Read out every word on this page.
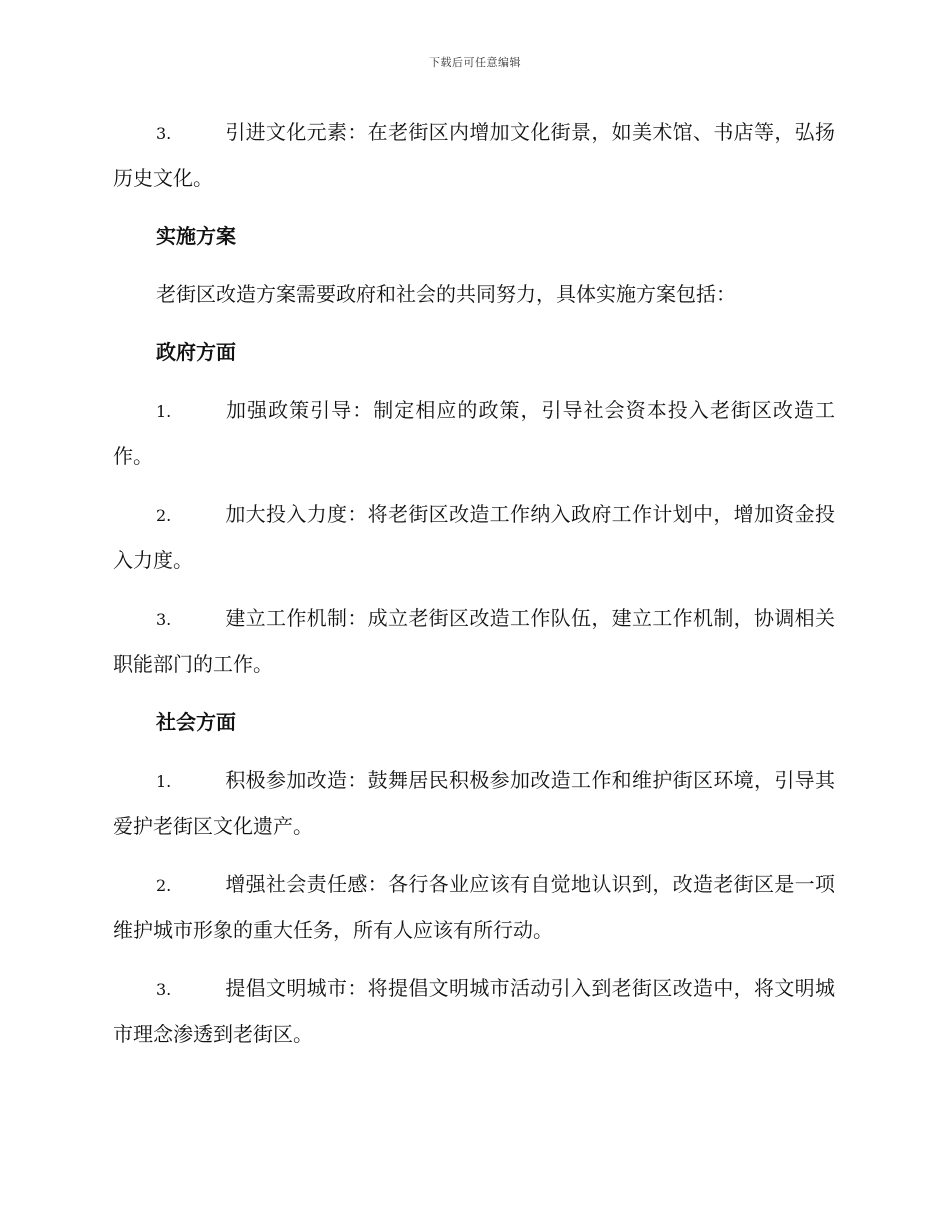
下载后可任意编辑

3.	引进文化元素：在老街区内增加文化街景，如美术馆、书店等，弘扬历史文化。

实施方案

老街区改造方案需要政府和社会的共同努力，具体实施方案包括：

政府方面

1.	加强政策引导：制定相应的政策，引导社会资本投入老街区改造工作。

2.	加大投入力度：将老街区改造工作纳入政府工作计划中，增加资金投入力度。

3.	建立工作机制：成立老街区改造工作队伍，建立工作机制，协调相关职能部门的工作。

社会方面

1.	积极参加改造：鼓舞居民积极参加改造工作和维护街区环境，引导其爱护老街区文化遗产。

2.	增强社会责任感：各行各业应该有自觉地认识到，改造老街区是一项维护城市形象的重大任务，所有人应该有所行动。

3.	提倡文明城市：将提倡文明城市活动引入到老街区改造中，将文明城市理念渗透到老街区。
